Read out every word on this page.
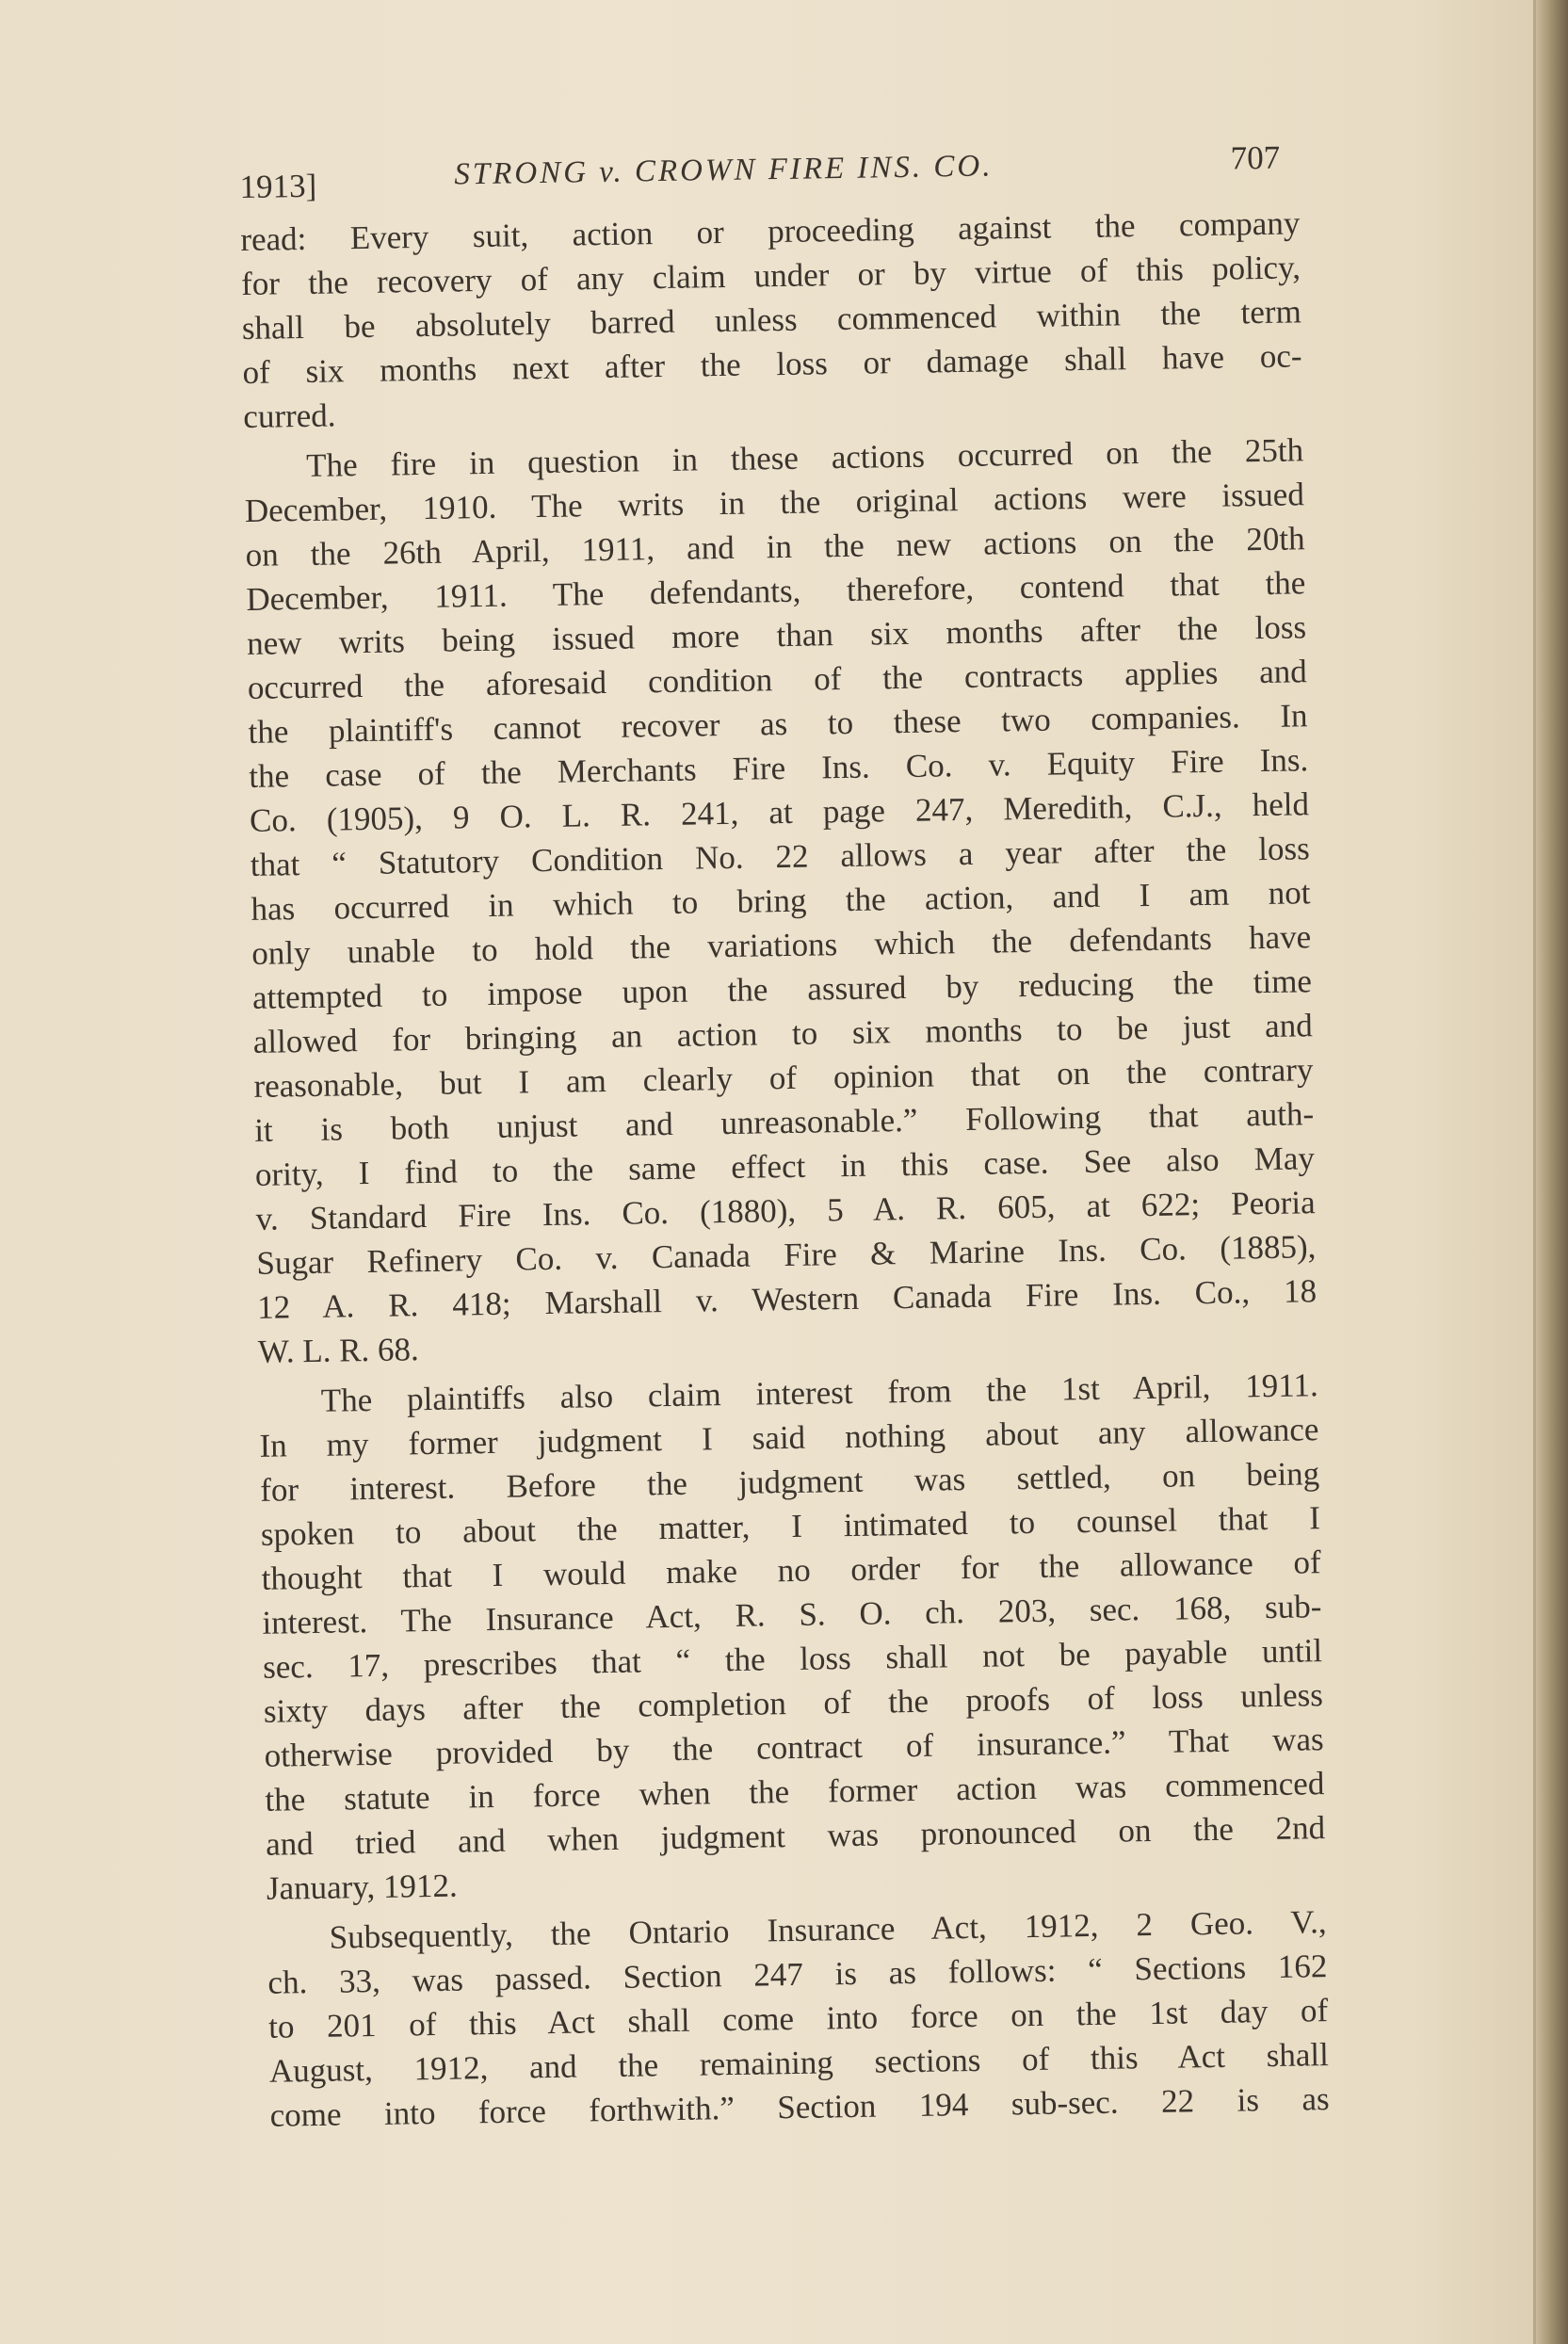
1913]	STRONG v. CROWN FIRE INS. CO.	707
read: Every suit, action or proceeding against the company
for the recovery of any claim under or by virtue of this policy,
shall be absolutely barred unless commenced within the term
of six months next after the loss or damage shall have oc-
curred.
The fire in question in these actions occurred on the 25th
December, 1910. The writs in the original actions were issued
on the 26th April, 1911, and in the new actions on the 20th
December, 1911. The defendants, therefore, contend that the
new writs being issued more than six months after the loss
occurred the aforesaid condition of the contracts applies and
the plaintiff's cannot recover as to these two companies. In
the case of the Merchants Fire Ins. Co. v. Equity Fire Ins.
Co. (1905), 9 O. L. R. 241, at page 247, Meredith, C.J., held
that “ Statutory Condition No. 22 allows a year after the loss
has occurred in which to bring the action, and I am not
only unable to hold the variations which the defendants have
attempted to impose upon the assured by reducing the time
allowed for bringing an action to six months to be just and
reasonable, but I am clearly of opinion that on the contrary
it is both unjust and unreasonable.” Following that auth-
ority, I find to the same effect in this case. See also May
v. Standard Fire Ins. Co. (1880), 5 A. R. 605, at 622; Peoria
Sugar Refinery Co. v. Canada Fire & Marine Ins. Co. (1885),
12 A. R. 418; Marshall v. Western Canada Fire Ins. Co., 18
W. L. R. 68.
The plaintiffs also claim interest from the 1st April, 1911.
In my former judgment I said nothing about any allowance
for interest. Before the judgment was settled, on being
spoken to about the matter, I intimated to counsel that I
thought that I would make no order for the allowance of
interest. The Insurance Act, R. S. O. ch. 203, sec. 168, sub-
sec. 17, prescribes that “ the loss shall not be payable until
sixty days after the completion of the proofs of loss unless
otherwise provided by the contract of insurance.” That was
the statute in force when the former action was commenced
and tried and when judgment was pronounced on the 2nd
January, 1912.
Subsequently, the Ontario Insurance Act, 1912, 2 Geo. V.,
ch. 33, was passed. Section 247 is as follows: “ Sections 162
to 201 of this Act shall come into force on the 1st day of
August, 1912, and the remaining sections of this Act shall
come into force forthwith.” Section 194 sub-sec. 22 is as
